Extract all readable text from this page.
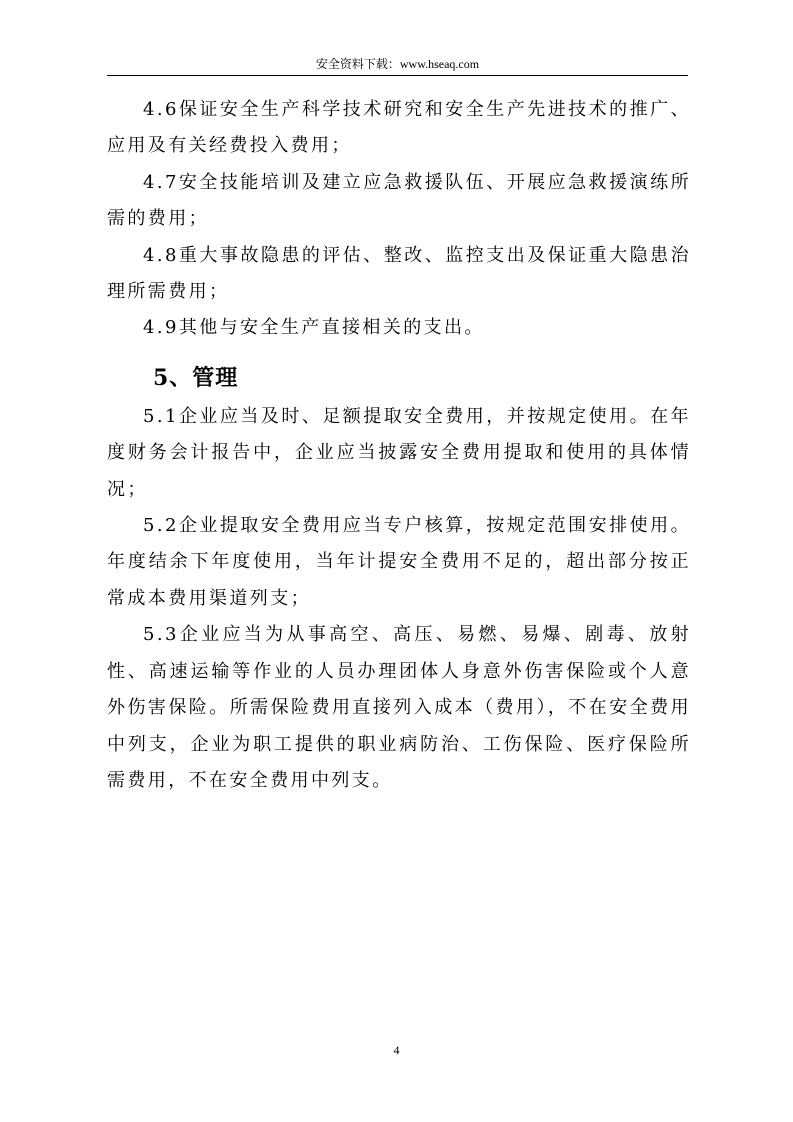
安全资料下载：www.hseaq.com

4.6保证安全生产科学技术研究和安全生产先进技术的推广、应用及有关经费投入费用；

4.7安全技能培训及建立应急救援队伍、开展应急救援演练所需的费用；

4.8重大事故隐患的评估、整改、监控支出及保证重大隐患治理所需费用；

4.9其他与安全生产直接相关的支出。

5、管理

5.1企业应当及时、足额提取安全费用，并按规定使用。在年度财务会计报告中，企业应当披露安全费用提取和使用的具体情况；

5.2企业提取安全费用应当专户核算，按规定范围安排使用。年度结余下年度使用，当年计提安全费用不足的，超出部分按正常成本费用渠道列支；

5.3企业应当为从事高空、高压、易燃、易爆、剧毒、放射性、高速运输等作业的人员办理团体人身意外伤害保险或个人意外伤害保险。所需保险费用直接列入成本（费用），不在安全费用中列支，企业为职工提供的职业病防治、工伤保险、医疗保险所需费用，不在安全费用中列支。

4
